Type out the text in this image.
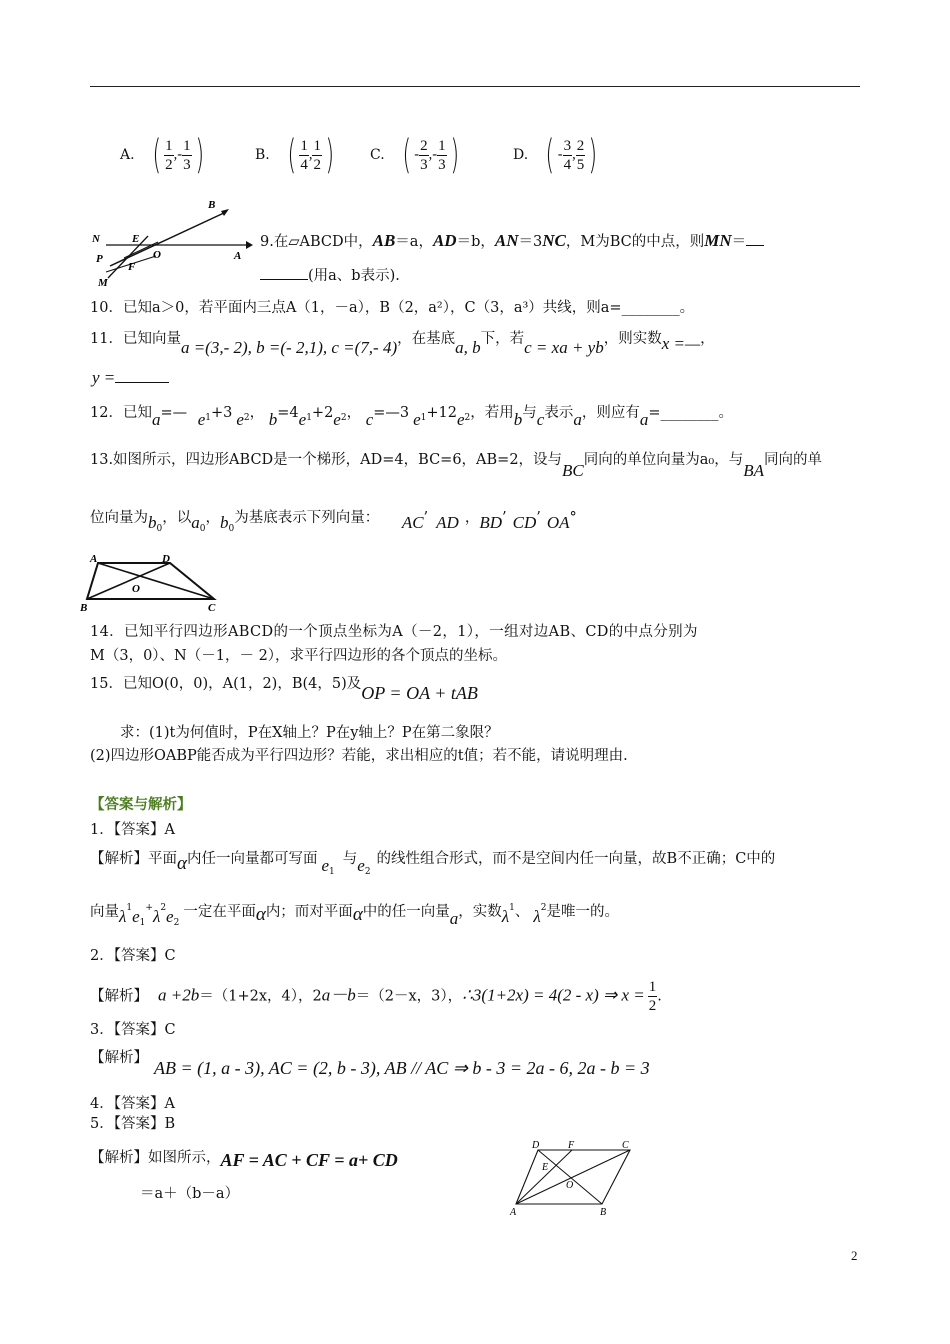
A. ( $\frac{1}{2}$ ,- $\frac{1}{3}$ )	B. ( $\frac{1}{4}$ , $\frac{1}{2}$ )	C. ( - $\frac{2}{3}$ ,- $\frac{1}{3}$ )	D. ( - $\frac{3}{4}$ , $\frac{2}{5}$ )
B
N	E
O	A
P
F
M
9.在▱ABCD中，AB＝a，AD＝b，AN＝3NC，M为BC的中点，则MN＝
(用a、b表示).
10．已知a＞0，若平面内三点A（1，－a），B（2，a²），C（3，a³）共线，则a=________。
11．已知向量a =(3,- 2), b =(- 2,1), c =(7,- 4)，在基底a, b下，若c = xa + yb，则实数x =—，
y =
12．已知a=— $e_1+3$ $e_2$， $b=4e_1+2e_2$， c=—3 $e_1+12e_2$，若用b与c表示a，则应有a=________。
13.如图所示，四边形ABCD是一个梯形，AD=4，BC=6，AB=2，设与BC同向的单位向量为a₀，与BA同向的单
位向量为$b_0$，以$a_0$，$b_0$为基底表示下列向量： AC’ AD ，BD’ CD’ OA°
A	D
O
B	C
14．已知平行四边形ABCD的一个顶点坐标为A（－2，1），一组对边AB、CD的中点分别为
M（3，0）、N（－1，－ 2），求平行四边形的各个顶点的坐标。
15．已知O(0，0)，A(1，2)，B(4，5)及OP = OA + tAB
求：(1)t为何值时，P在X轴上？P在y轴上？P在第二象限？
(2)四边形OABP能否成为平行四边形？若能，求出相应的t值；若不能，请说明理由.
【答案与解析】
1．【答案】A
【解析】平面α内任一向量都可写面 $e_1$与$e_2$的线性组合形式，而不是空间内任一向量，故B不正确；C中的
向量$\lambda^1e_1^+\lambda^2e_2$一定在平面α内；而对平面α中的任一向量a，实数$\lambda^1$、 $\lambda^2$是唯一的。
2．【答案】C
【解析】 a +2b＝（1+2x，4），2a－b＝（2－x，3），∴3(1+2x) = 4(2 - x) ⇒ $x = \frac{1}{2}$ .
3．【答案】C
【解析】 AB = (1, a - 3), AC = (2, b - 3), AB // AC ⇒ b - 3 = 2a - 6, 2a - b = 3
4．【答案】A
5．【答案】B
【解析】如图所示，AF = AC + CF = a+ CD
＝a＋（b－a）
D	F	C
E
O
A	B
2
